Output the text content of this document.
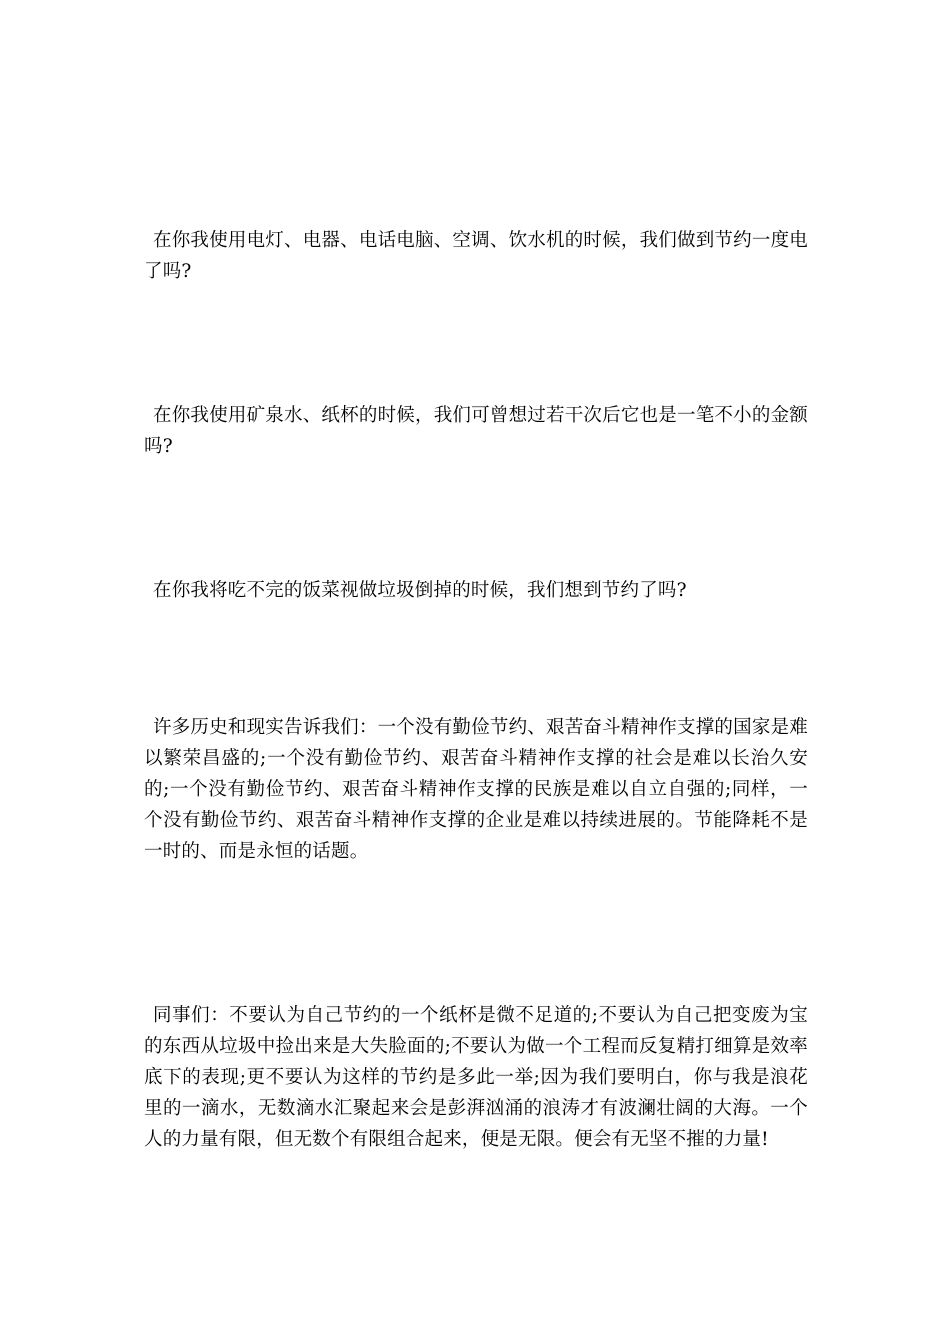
在你我使用电灯、电器、电话电脑、空调、饮水机的时候，我们做到节约一度电了吗?

在你我使用矿泉水、纸杯的时候，我们可曾想过若干次后它也是一笔不小的金额吗?

在你我将吃不完的饭菜视做垃圾倒掉的时候，我们想到节约了吗?

许多历史和现实告诉我们：一个没有勤俭节约、艰苦奋斗精神作支撑的国家是难以繁荣昌盛的;一个没有勤俭节约、艰苦奋斗精神作支撑的社会是难以长治久安的;一个没有勤俭节约、艰苦奋斗精神作支撑的民族是难以自立自强的;同样，一个没有勤俭节约、艰苦奋斗精神作支撑的企业是难以持续进展的。节能降耗不是一时的、而是永恒的话题。

同事们：不要认为自己节约的一个纸杯是微不足道的;不要认为自己把变废为宝的东西从垃圾中捡出来是大失脸面的;不要认为做一个工程而反复精打细算是效率底下的表现;更不要认为这样的节约是多此一举;因为我们要明白，你与我是浪花里的一滴水，无数滴水汇聚起来会是彭湃汹涌的浪涛才有波澜壮阔的大海。一个人的力量有限，但无数个有限组合起来，便是无限。便会有无坚不摧的力量!
